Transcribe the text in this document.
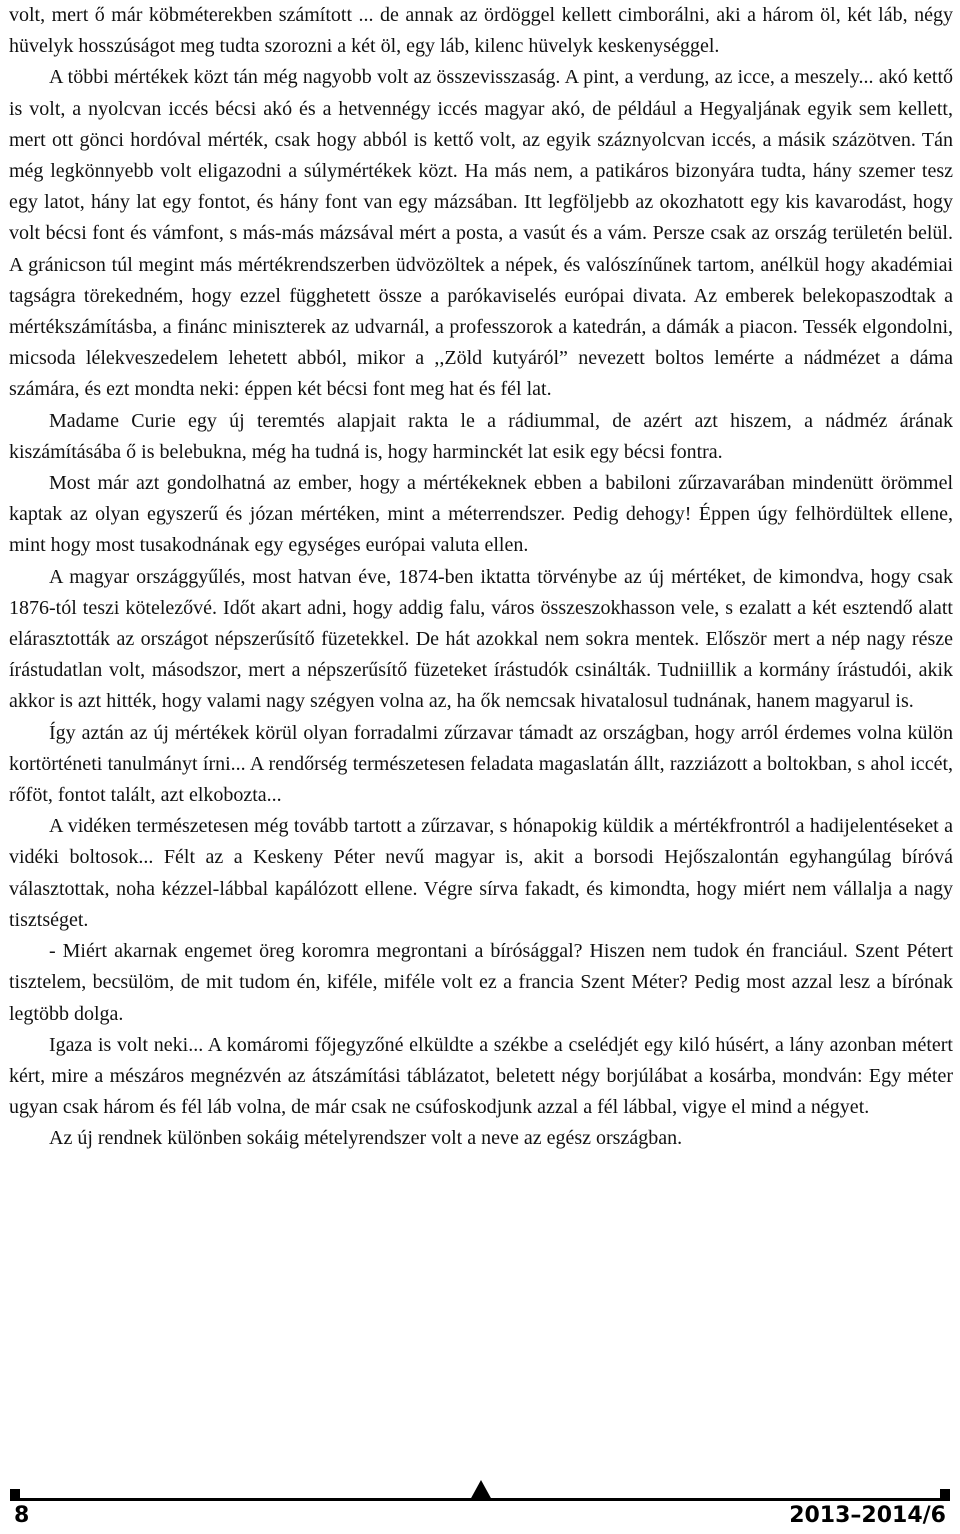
volt, mert ő már köbméterekben számított ... de annak az ördöggel kellett cimborálni, aki a három öl, két láb, négy hüvelyk hosszúságot meg tudta szorozni a két öl, egy láb, kilenc hüvelyk keskenységgel.

A többi mértékek közt tán még nagyobb volt az összevisszaság. A pint, a verdung, az icce, a meszely... akó kettő is volt, a nyolcvan iccés bécsi akó és a hetvennégy iccés magyar akó, de például a Hegyaljának egyik sem kellett, mert ott gönci hordóval mérték, csak hogy abból is kettő volt, az egyik száznyolcvan iccés, a másik százötven. Tán még legkönnyebb volt eligazodni a súlymértékek közt. Ha más nem, a patikáros bizonyára tudta, hány szemer tesz egy latot, hány lat egy fontot, és hány font van egy mázsában. Itt legföljebb az okozhatott egy kis kavarodást, hogy volt bécsi font és vámfont, s más-más mázsával mért a posta, a vasút és a vám. Persze csak az ország területén belül. A gránicson túl megint más mértékrendszerben üdvözöltek a népek, és valószínűnek tartom, anélkül hogy akadémiai tagságra törekedném, hogy ezzel függhetett össze a parókaviselés európai divata. Az emberek belekopaszodtak a mértékszámításba, a finánc miniszterek az udvarnál, a professzorok a katedrán, a dámák a piacon. Tessék elgondolni, micsoda lélekveszedelem lehetett abból, mikor a ,,Zöld kutyáról” nevezett boltos lemérte a nádmézet a dáma számára, és ezt mondta neki: éppen két bécsi font meg hat és fél lat.

Madame Curie egy új teremtés alapjait rakta le a rádiummal, de azért azt hiszem, a nádméz árának kiszámításába ő is belebukna, még ha tudná is, hogy harminckét lat esik egy bécsi fontra.

Most már azt gondolhatná az ember, hogy a mértékeknek ebben a babiloni zűrzavarában mindenütt örömmel kaptak az olyan egyszerű és józan mértéken, mint a méterrendszer. Pedig dehogy! Éppen úgy felhördültek ellene, mint hogy most tusakodnának egy egységes európai valuta ellen.

A magyar országgyűlés, most hatvan éve, 1874-ben iktatta törvénybe az új mértéket, de kimondva, hogy csak 1876-tól teszi kötelezővé. Időt akart adni, hogy addig falu, város összeszokhasson vele, s ezalatt a két esztendő alatt elárasztották az országot népszerűsítő füzetekkel. De hát azokkal nem sokra mentek. Először mert a nép nagy része írástudatlan volt, másodszor, mert a népszerűsítő füzeteket írástudók csinálták. Tudniillik a kormány írástudói, akik akkor is azt hitték, hogy valami nagy szégyen volna az, ha ők nemcsak hivatalosul tudnának, hanem magyarul is.

Így aztán az új mértékek körül olyan forradalmi zűrzavar támadt az országban, hogy arról érdemes volna külön kortörténeti tanulmányt írni... A rendőrség természetesen feladata magaslatán állt, razziázott a boltokban, s ahol iccét, rőföt, fontot talált, azt elkobozta...

A vidéken természetesen még tovább tartott a zűrzavar, s hónapokig küldik a mértékfrontról a hadijelentéseket a vidéki boltosok... Félt az a Keskeny Péter nevű magyar is, akit a borsodi Hejőszalontán egyhangúlag bíróvá választottak, noha kézzel-lábbal kapálózott ellene. Végre sírva fakadt, és kimondta, hogy miért nem vállalja a nagy tisztséget.

- Miért akarnak engemet öreg koromra megrontani a bírósággal? Hiszen nem tudok én franciául. Szent Pétert tisztelem, becsülöm, de mit tudom én, kiféle, miféle volt ez a francia Szent Méter? Pedig most azzal lesz a bírónak legtöbb dolga.

Igaza is volt neki... A komáromi főjegyzőné elküldte a székbe a cselédjét egy kiló húsért, a lány azonban métert kért, mire a mészáros megnézvén az átszámítási táblázatot, beletett négy borjúlábat a kosárba, mondván: Egy méter ugyan csak három és fél láb volna, de már csak ne csúfoskodjunk azzal a fél lábbal, vigye el mind a négyet.

Az új rendnek különben sokáig mételyrendszer volt a neve az egész országban.

8	2013–2014/6
